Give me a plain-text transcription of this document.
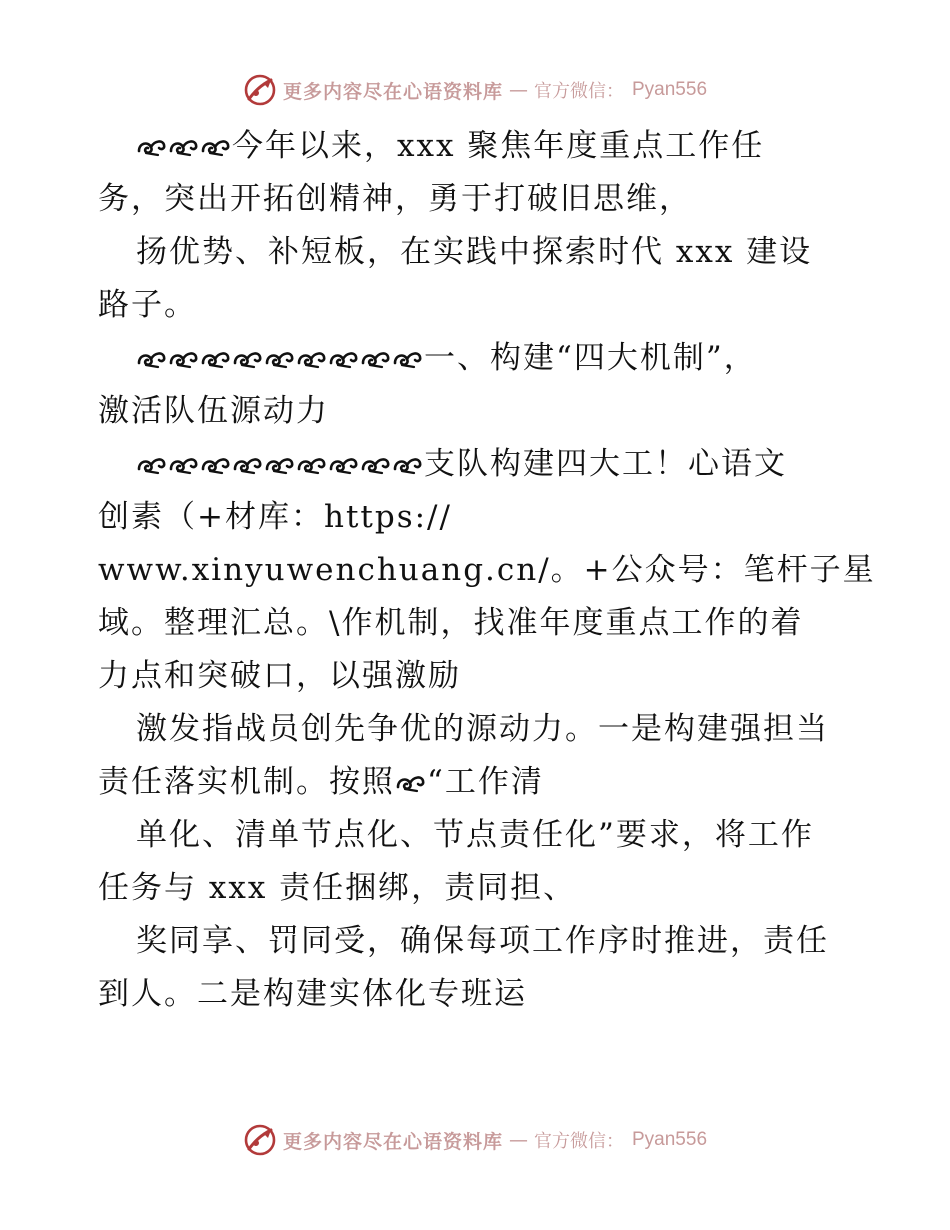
更多内容尽在心语资料库 — 官方微信： Pyan556
今年以来，xxx 聚焦年度重点工作任
务，突出开拓创精神，勇于打破旧思维，
扬优势、补短板，在实践中探索时代 xxx 建设
路子。
一、构建“四大机制”，
激活队伍源动力
支队构建四大工！心语文
创素（+材库：https://
www.xinyuwenchuang.cn/。+公众号：笔杆子星
域。整理汇总。\作机制，找准年度重点工作的着
力点和突破口，以强激励
激发指战员创先争优的源动力。一是构建强担当
责任落实机制。按照 “工作清
单化、清单节点化、节点责任化”要求，将工作
任务与 xxx 责任捆绑，责同担、
奖同享、罚同受，确保每项工作序时推进，责任
到人。二是构建实体化专班运
更多内容尽在心语资料库 — 官方微信： Pyan556
